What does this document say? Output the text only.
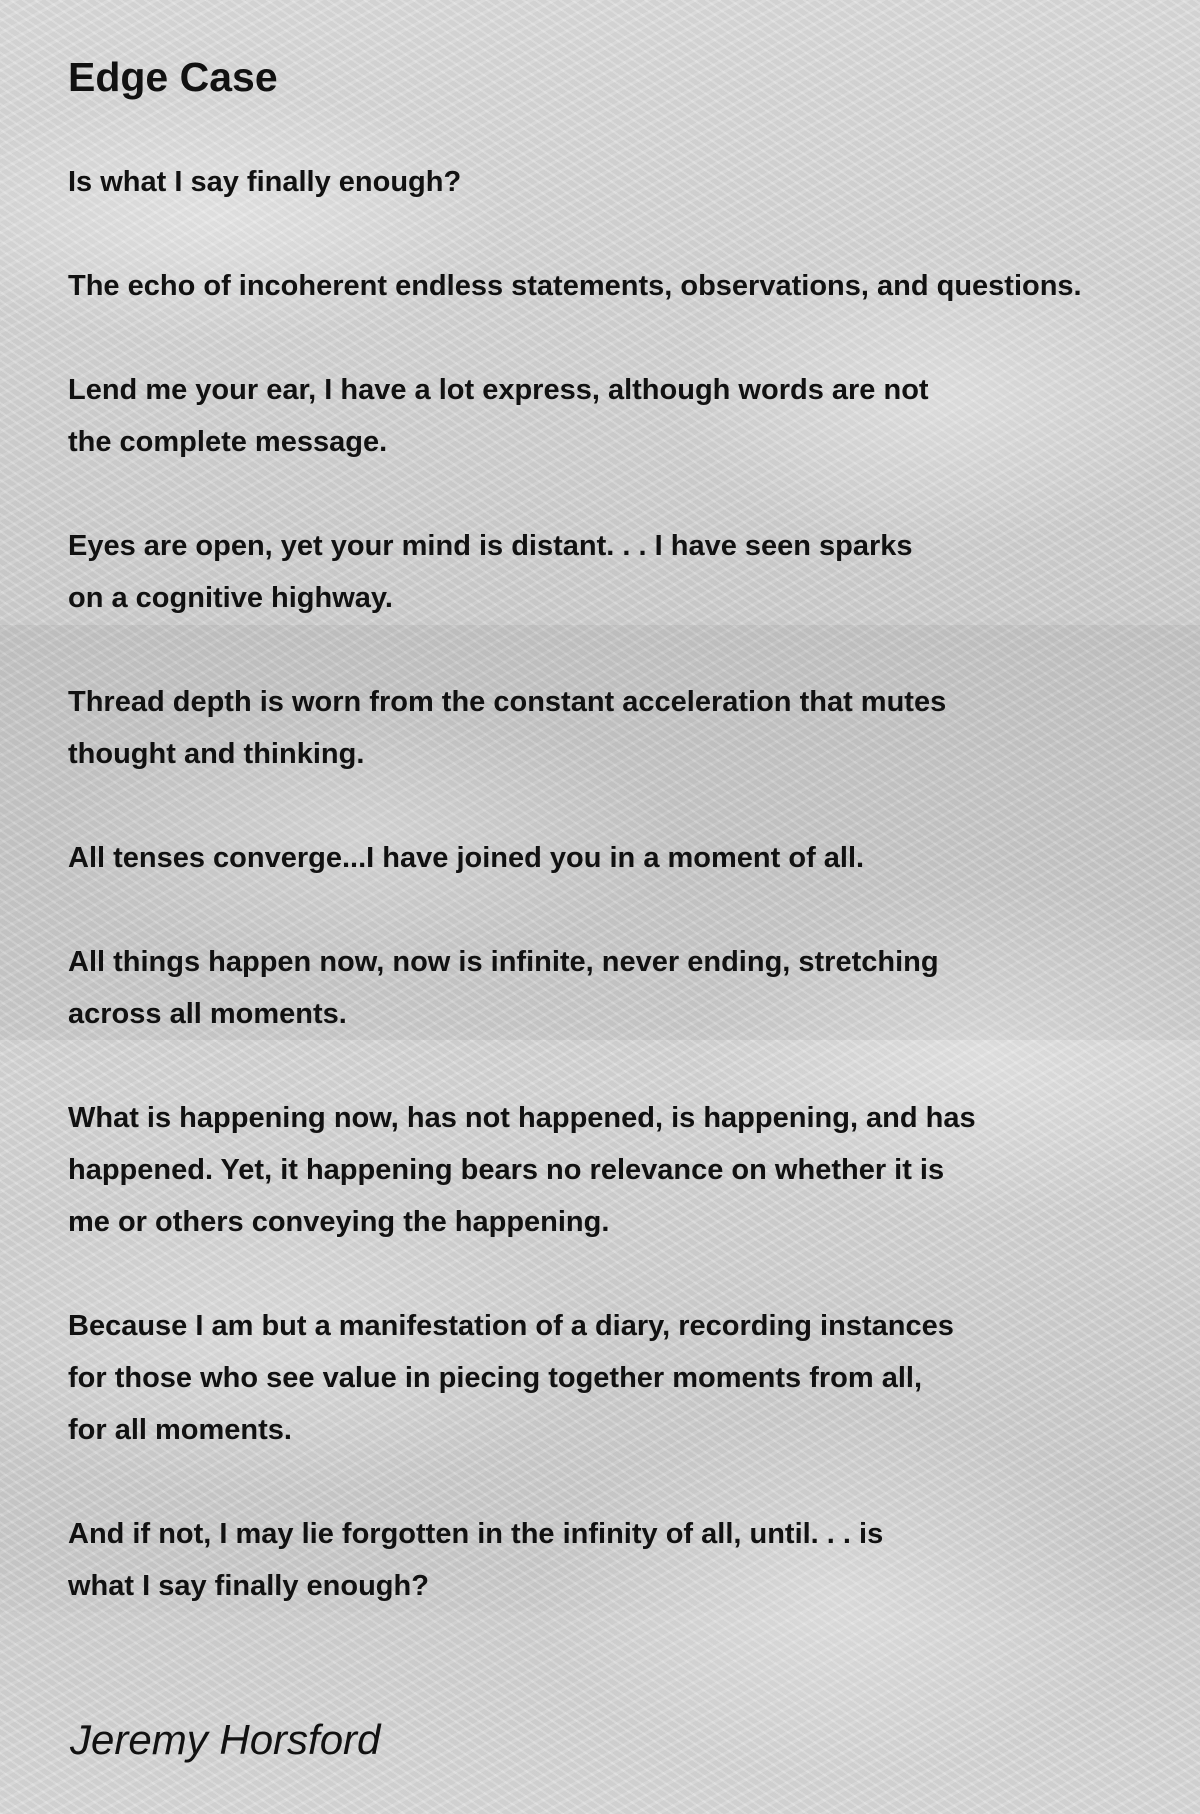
Edge Case
Is what I say finally enough?
The echo of incoherent endless statements, observations, and questions.
Lend me your ear, I have a lot express, although words are not
the complete message.
Eyes are open, yet your mind is distant. . . I have seen sparks
on a cognitive highway.
Thread depth is worn from the constant acceleration that mutes
thought and thinking.
All tenses converge...I have joined you in a moment of all.
All things happen now, now is infinite, never ending, stretching
across all moments.
What is happening now, has not happened, is happening, and has
happened. Yet, it happening bears no relevance on whether it is
me or others conveying the happening.
Because I am but a manifestation of a diary, recording instances
for those who see value in piecing together moments from all,
for all moments.
And if not, I may lie forgotten in the infinity of all, until. . . is
what I say finally enough?
Jeremy Horsford
